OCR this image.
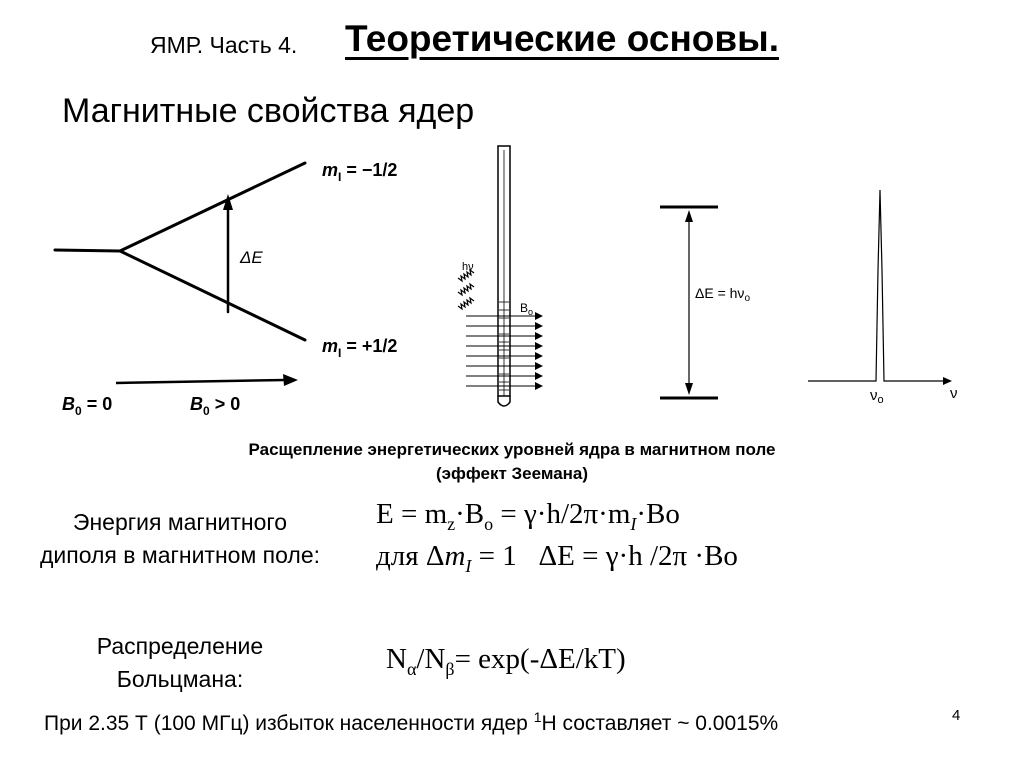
ЯМР. Часть 4. Теоретические основы.
Магнитные свойства ядер
ΔE
$m_I = -1/2$
$m_I = +1/2$
$B_0 = 0$	$B_0 > 0$
hν
$B_o$
$\Delta E = h\nu_o$
$\nu_o$	ν
Расщепление энергетических уровней ядра в магнитном поле
(эффект Зеемана)
Энергия магнитного диполя в магнитном поле:
$E = m_z\cdot B_o = \gamma\cdot h/2\pi\cdot m_I\cdot Bo$
для $\Delta m_I = 1$   ΔE = γ·h /2π ·Bo
Распределение Больцмана:
$N_\alpha/N_\beta= \exp(-\Delta E/kT)$
При 2.35 Т (100 МГц) избыток населенности ядер $^1$Н составляет ~ 0.0015%	4
